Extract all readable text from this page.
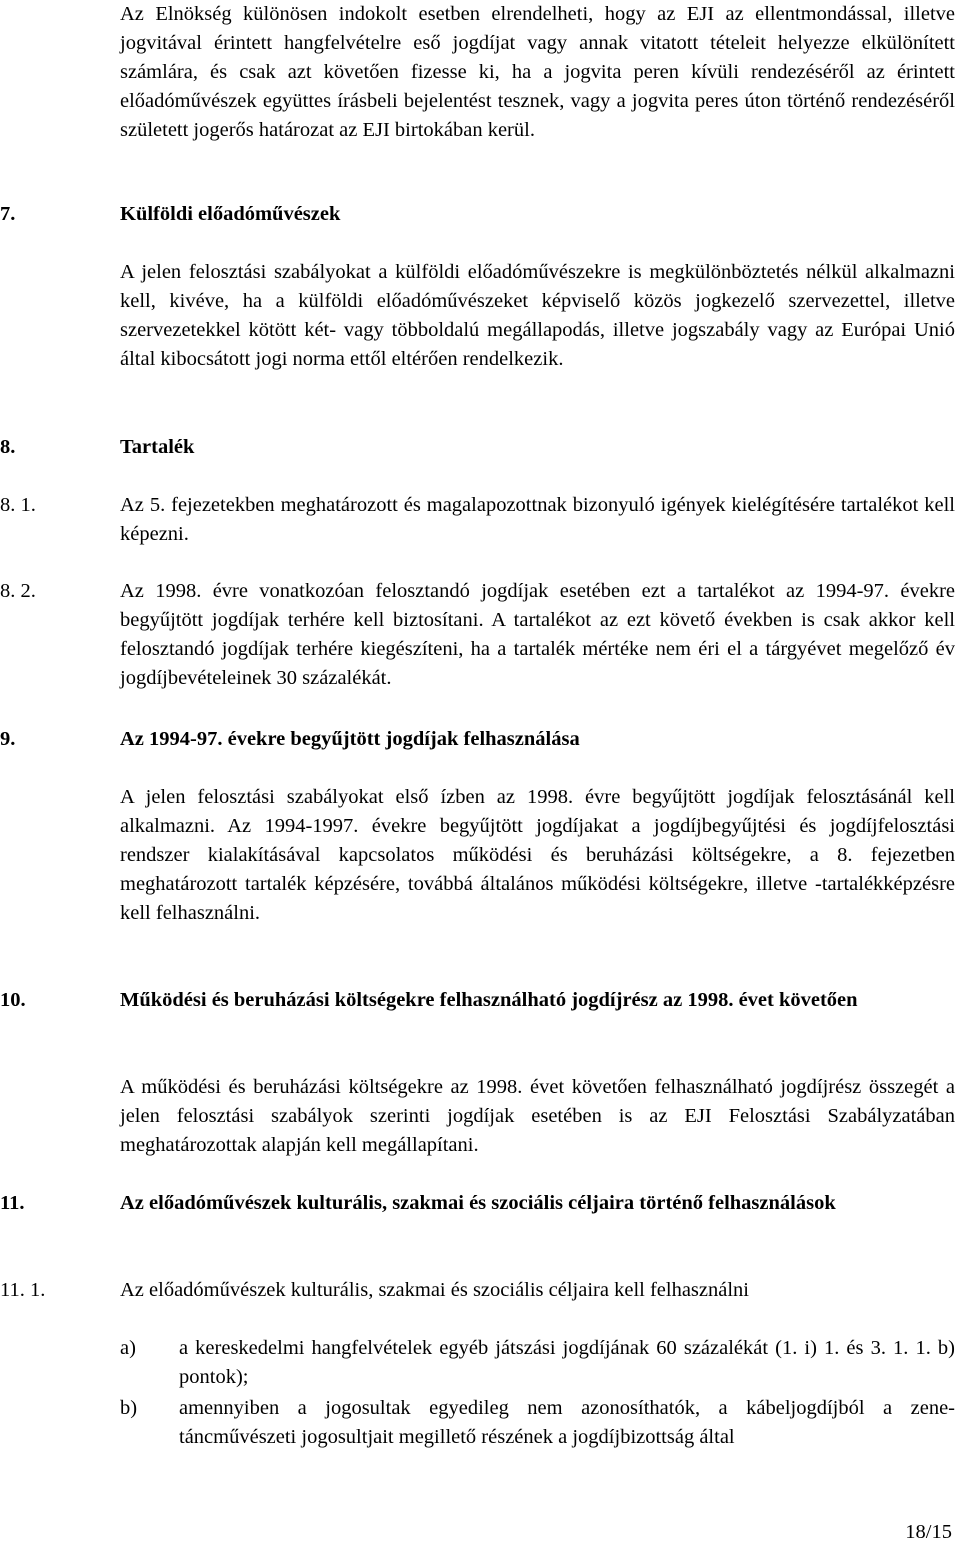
Az Elnökség különösen indokolt esetben elrendelheti, hogy az EJI az ellentmondással, illetve jogvitával érintett hangfelvételre eső jogdíjat vagy annak vitatott tételeit helyezze elkülönített számlára, és csak azt követően fizesse ki, ha a jogvita peren kívüli rendezéséről az érintett előadóművészek együttes írásbeli bejelentést tesznek, vagy a jogvita peres úton történő rendezéséről született jogerős határozat az EJI birtokában kerül.

7.	Külföldi előadóművészek

A jelen felosztási szabályokat a külföldi előadóművészekre is megkülönböztetés nélkül alkalmazni kell, kivéve, ha a külföldi előadóművészeket képviselő közös jogkezelő szervezettel, illetve szervezetekkel kötött két- vagy többoldalú megállapodás, illetve jogszabály vagy az Európai Unió által kibocsátott jogi norma ettől eltérően rendelkezik.

8.	Tartalék

8. 1.	Az 5. fejezetekben meghatározott és magalapozottnak bizonyuló igények kielégítésére tartalékot kell képezni.

8. 2.	Az 1998. évre vonatkozóan felosztandó jogdíjak esetében ezt a tartalékot az 1994-97. évekre begyűjtött jogdíjak terhére kell biztosítani. A tartalékot az ezt követő években is csak akkor kell felosztandó jogdíjak terhére kiegészíteni, ha a tartalék mértéke nem éri el a tárgyévet megelőző év jogdíjbevételeinek 30 százalékát.

9.	Az 1994-97. évekre begyűjtött jogdíjak felhasználása

A jelen felosztási szabályokat első ízben az 1998. évre begyűjtött jogdíjak felosztásánál kell alkalmazni. Az 1994-1997. évekre begyűjtött jogdíjakat a jogdíjbegyűjtési és jogdíjfelosztási rendszer kialakításával kapcsolatos működési és beruházási költségekre, a 8. fejezetben meghatározott tartalék képzésére, továbbá általános működési költségekre, illetve -tartalékképzésre kell felhasználni.

10.	Működési és beruházási költségekre felhasználható jogdíjrész az 1998. évet követően

A működési és beruházási költségekre az 1998. évet követően felhasználható jogdíjrész összegét a jelen felosztási szabályok szerinti jogdíjak esetében is az EJI Felosztási Szabályzatában meghatározottak alapján kell megállapítani.

11.	Az előadóművészek kulturális, szakmai és szociális céljaira történő felhasználások

11. 1.	Az előadóművészek kulturális, szakmai és szociális céljaira kell felhasználni

a) a kereskedelmi hangfelvételek egyéb játszási jogdíjának 60 százalékát (1. i) 1. és 3. 1. 1. b) pontok);

b) amennyiben a jogosultak egyedileg nem azonosíthatók, a kábeljogdíjból a zene- táncművészeti jogosultjait megillető részének a jogdíjbizottság által

18/15
